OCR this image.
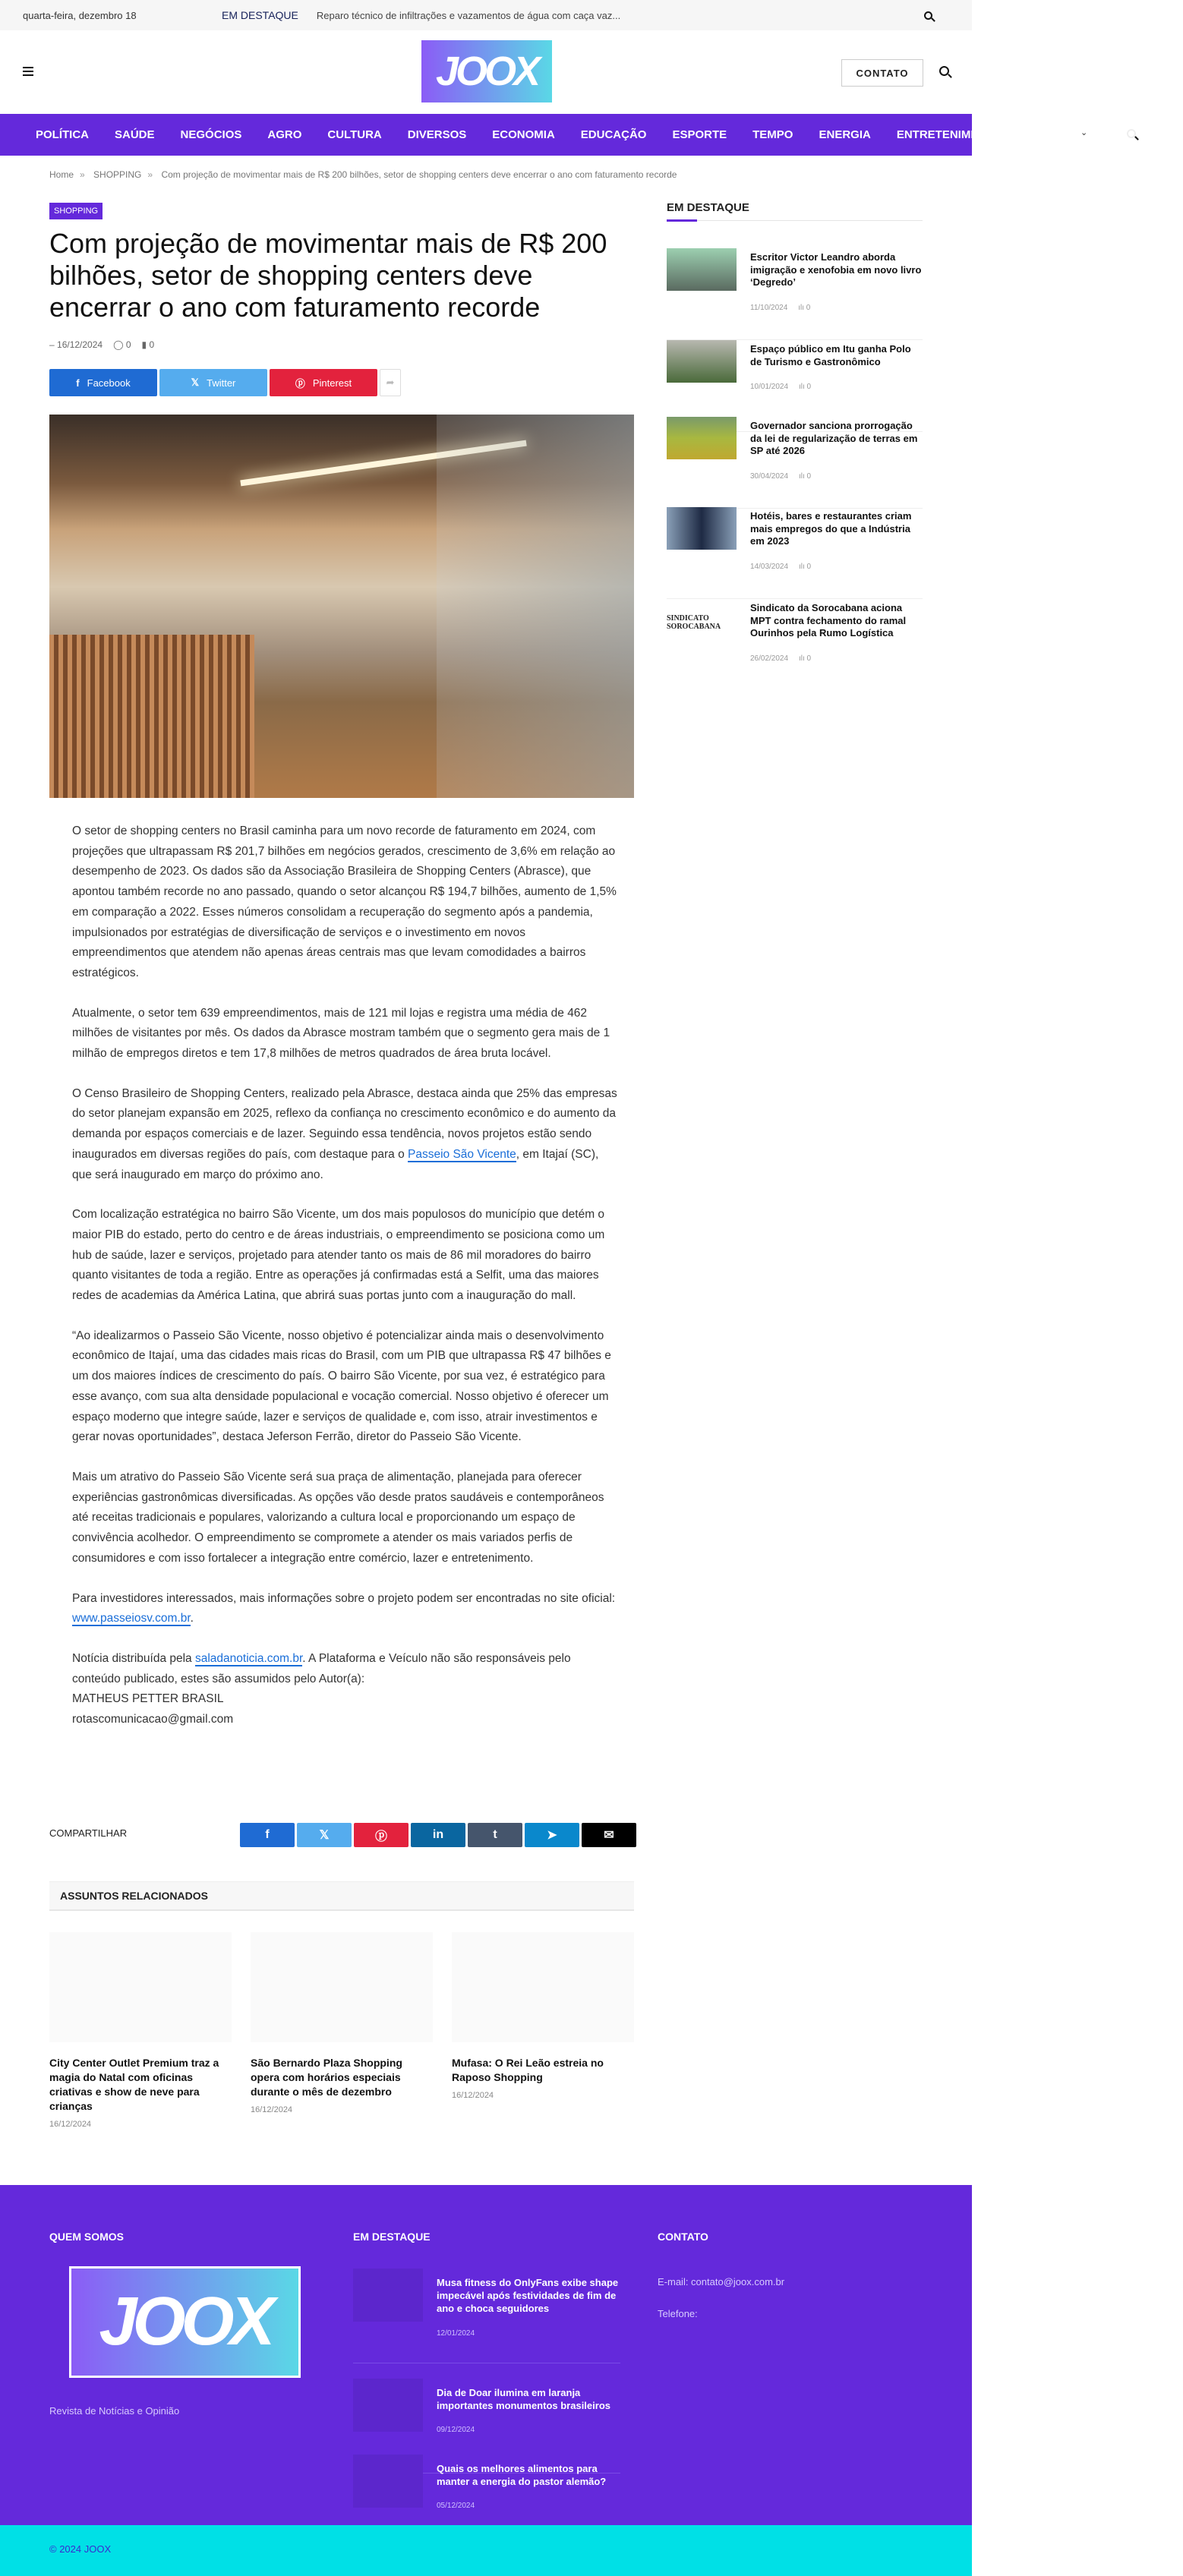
quarta-feira, dezembro 18	EM DESTAQUE Reparo técnico de infiltrações e vazamentos de água com caça vaz...
JOOX	CONTATO
POLÍTICA SAÚDE NEGÓCIOS AGRO CULTURA DIVERSOS ECONOMIA EDUCAÇÃO ESPORTE TEMPO ENERGIA ENTRETENIMENTO	⌄
Home » SHOPPING » Com projeção de movimentar mais de R$ 200 bilhões, setor de shopping centers deve encerrar o ano com faturamento recorde
SHOPPING
Com projeção de movimentar mais de R$ 200 bilhões, setor de shopping centers deve encerrar o ano com faturamento recorde
– 16/12/2024 ◯ 0 ▮ 0
f Facebook	𝕏 Twitter	ⓟ Pinterest	➦

O setor de shopping centers no Brasil caminha para um novo recorde de faturamento em 2024, com projeções que ultrapassam R$ 201,7 bilhões em negócios gerados, crescimento de 3,6% em relação ao desempenho de 2023. Os dados são da Associação Brasileira de Shopping Centers (Abrasce), que apontou também recorde no ano passado, quando o setor alcançou R$ 194,7 bilhões, aumento de 1,5% em comparação a 2022. Esses números consolidam a recuperação do segmento após a pandemia, impulsionados por estratégias de diversificação de serviços e o investimento em novos empreendimentos que atendem não apenas áreas centrais mas que levam comodidades a bairros estratégicos.

Atualmente, o setor tem 639 empreendimentos, mais de 121 mil lojas e registra uma média de 462 milhões de visitantes por mês. Os dados da Abrasce mostram também que o segmento gera mais de 1 milhão de empregos diretos e tem 17,8 milhões de metros quadrados de área bruta locável.

O Censo Brasileiro de Shopping Centers, realizado pela Abrasce, destaca ainda que 25% das empresas do setor planejam expansão em 2025, reflexo da confiança no crescimento econômico e do aumento da demanda por espaços comerciais e de lazer. Seguindo essa tendência, novos projetos estão sendo inaugurados em diversas regiões do país, com destaque para o Passeio São Vicente, em Itajaí (SC), que será inaugurado em março do próximo ano.

Com localização estratégica no bairro São Vicente, um dos mais populosos do município que detém o maior PIB do estado, perto do centro e de áreas industriais, o empreendimento se posiciona como um hub de saúde, lazer e serviços, projetado para atender tanto os mais de 86 mil moradores do bairro quanto visitantes de toda a região. Entre as operações já confirmadas está a Selfit, uma das maiores redes de academias da América Latina, que abrirá suas portas junto com a inauguração do mall.

“Ao idealizarmos o Passeio São Vicente, nosso objetivo é potencializar ainda mais o desenvolvimento econômico de Itajaí, uma das cidades mais ricas do Brasil, com um PIB que ultrapassa R$ 47 bilhões e um dos maiores índices de crescimento do país. O bairro São Vicente, por sua vez, é estratégico para esse avanço, com sua alta densidade populacional e vocação comercial. Nosso objetivo é oferecer um espaço moderno que integre saúde, lazer e serviços de qualidade e, com isso, atrair investimentos e gerar novas oportunidades”, destaca Jeferson Ferrão, diretor do Passeio São Vicente.

Mais um atrativo do Passeio São Vicente será sua praça de alimentação, planejada para oferecer experiências gastronômicas diversificadas. As opções vão desde pratos saudáveis e contemporâneos até receitas tradicionais e populares, valorizando a cultura local e proporcionando um espaço de convivência acolhedor. O empreendimento se compromete a atender os mais variados perfis de consumidores e com isso fortalecer a integração entre comércio, lazer e entretenimento.

Para investidores interessados, mais informações sobre o projeto podem ser encontradas no site oficial: www.passeiosv.com.br.

Notícia distribuída pela saladanoticia.com.br. A Plataforma e Veículo não são responsáveis pelo conteúdo publicado, estes são assumidos pelo Autor(a):

MATHEUS PETTER BRASIL

rotascomunicacao@gmail.com

COMPARTILHAR	f	𝕏	ⓟ	in	t	➤	✉
ASSUNTOS RELACIONADOS
City Center Outlet Premium traz a magia do Natal com oficinas criativas e show de neve para crianças
16/12/2024
São Bernardo Plaza Shopping opera com horários especiais durante o mês de dezembro
16/12/2024
Mufasa: O Rei Leão estreia no Raposo Shopping
16/12/2024
EM DESTAQUE
Escritor Victor Leandro aborda imigração e xenofobia em novo livro ‘Degredo’
11/10/2024     ılı 0
Espaço público em Itu ganha Polo de Turismo e Gastronômico
10/01/2024     ılı 0
Governador sanciona prorrogação da lei de regularização de terras em SP até 2026
30/04/2024     ılı 0
Hotéis, bares e restaurantes criam mais empregos do que a Indústria em 2023
14/03/2024     ılı 0
SINDICATO
SOROCABANA
Sindicato da Sorocabana aciona MPT contra fechamento do ramal Ourinhos pela Rumo Logística
26/02/2024     ılı 0
QUEM SOMOS
JOOX
Revista de Notícias e Opinião
EM DESTAQUE
Musa fitness do OnlyFans exibe shape impecável após festividades de fim de ano e choca seguidores
12/01/2024
Dia de Doar ilumina em laranja importantes monumentos brasileiros
09/12/2024
Quais os melhores alimentos para manter a energia do pastor alemão?
05/12/2024
CONTATO
E-mail: contato@joox.com.br
Telefone:
© 2024 JOOX
